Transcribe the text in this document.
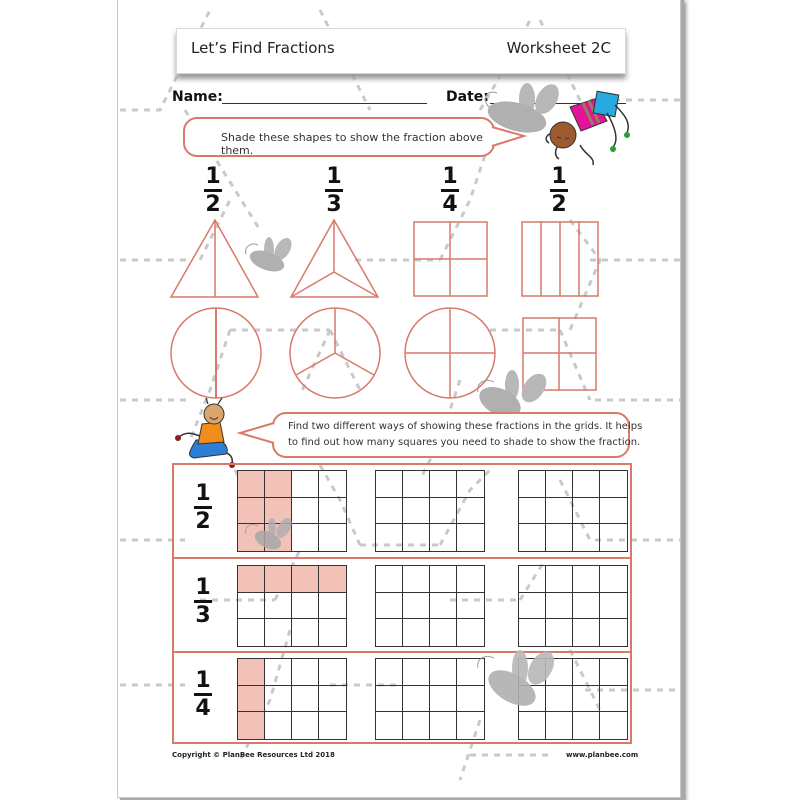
Let’s Find Fractions	Worksheet 2C
Name:	Date:
Shade these shapes to show the fraction above them.
1
2
1
3
1
4
1
2
Find two different ways of showing these fractions in the grids. It helps
to find out how many squares you need to shade to show the fraction.
1
2
1
3
1
4
Copyright © PlanBee Resources Ltd 2018	www.planbee.com
